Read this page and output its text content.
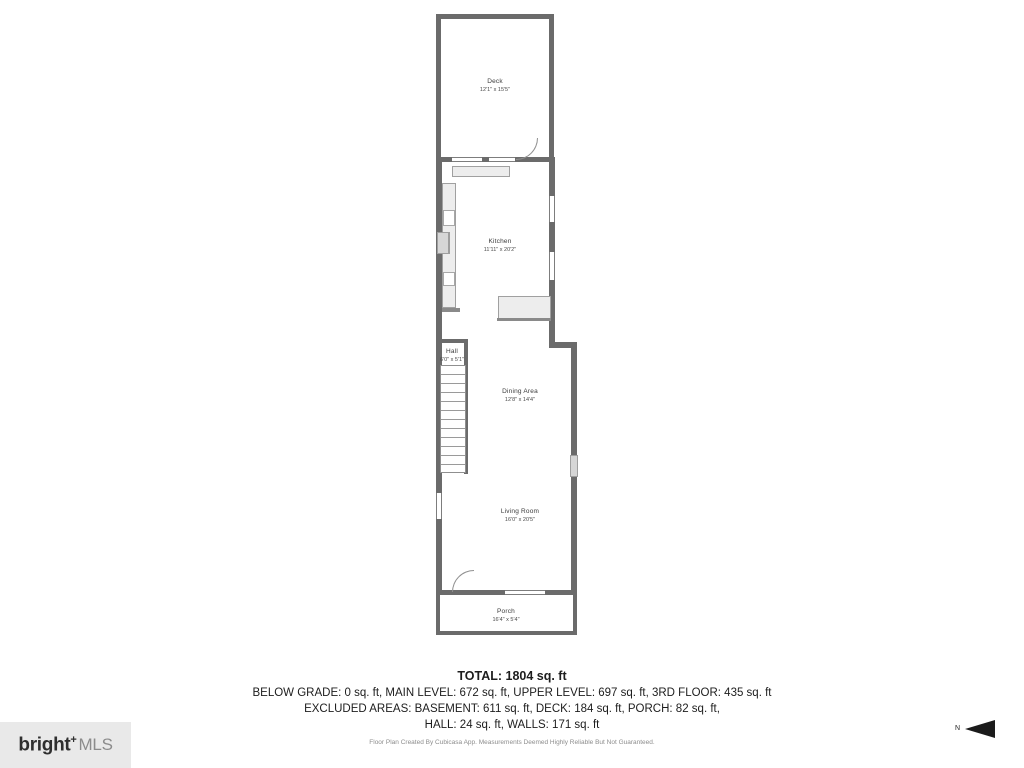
Deck
12'1" x 15'5"
Kitchen
11'11" x 20'2"
Hall
6'0" x 5'1"
Dining Area
12'8" x 14'4"
Living Room
16'0" x 20'5"
Porch
16'4" x 5'4"
TOTAL: 1804 sq. ft
BELOW GRADE: 0 sq. ft, MAIN LEVEL: 672 sq. ft, UPPER LEVEL: 697 sq. ft, 3RD FLOOR: 435 sq. ft
EXCLUDED AREAS: BASEMENT: 611 sq. ft, DECK: 184 sq. ft, PORCH: 82 sq. ft,
HALL: 24 sq. ft, WALLS: 171 sq. ft
Floor Plan Created By Cubicasa App. Measurements Deemed Highly Reliable But Not Guaranteed.
bright+ MLS
N
